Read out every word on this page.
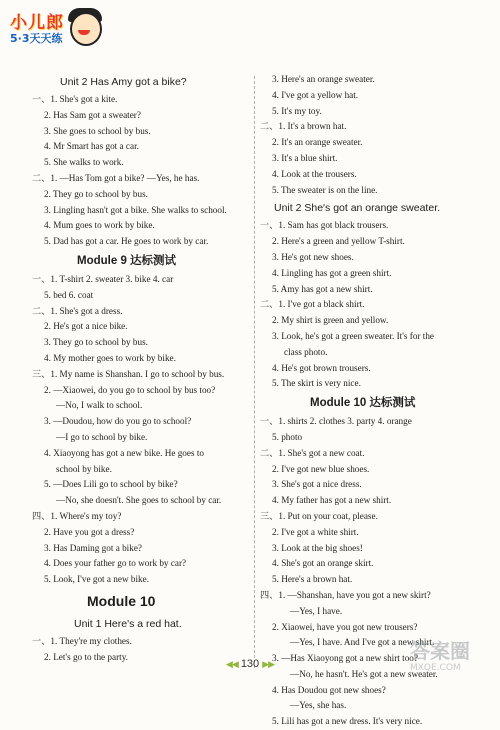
小儿郎
5·3天天练
Unit 2 Has Amy got a bike?
一、1. She's got a kite.
2. Has Sam got a sweater?
3. She goes to school by bus.
4. Mr Smart has got a car.
5. She walks to work.
二、1. —Has Tom got a bike? —Yes, he has.
2. They go to school by bus.
3. Lingling hasn't got a bike. She walks to school.
4. Mum goes to work by bike.
5. Dad has got a car. He goes to work by car.
Module 9 达标测试
一、1. T-shirt 2. sweater 3. bike 4. car
5. bed 6. coat
二、1. She's got a dress.
2. He's got a nice bike.
3. They go to school by bus.
4. My mother goes to work by bike.
三、1. My name is Shanshan. I go to school by bus.
2. —Xiaowei, do you go to school by bus too?
—No, I walk to school.
3. —Doudou, how do you go to school?
—I go to school by bike.
4. Xiaoyong has got a new bike. He goes to
school by bike.
5. —Does Lili go to school by bike?
—No, she doesn't. She goes to school by car.
四、1. Where's my toy?
2. Have you got a dress?
3. Has Daming got a bike?
4. Does your father go to work by car?
5. Look, I've got a new bike.
Module 10
Unit 1 Here's a red hat.
一、1. They're my clothes.
2. Let's go to the party.
3. Here's an orange sweater.
4. I've got a yellow hat.
5. It's my toy.
二、1. It's a brown hat.
2. It's an orange sweater.
3. It's a blue shirt.
4. Look at the trousers.
5. The sweater is on the line.
Unit 2 She's got an orange sweater.
一、1. Sam has got black trousers.
2. Here's a green and yellow T-shirt.
3. He's got new shoes.
4. Lingling has got a green shirt.
5. Amy has got a new shirt.
二、1. I've got a black shirt.
2. My shirt is green and yellow.
3. Look, he's got a green sweater. It's for the
class photo.
4. He's got brown trousers.
5. The skirt is very nice.
Module 10 达标测试
一、1. shirts 2. clothes 3. party 4. orange
5. photo
二、1. She's got a new coat.
2. I've got new blue shoes.
3. She's got a nice dress.
4. My father has got a new shirt.
三、1. Put on your coat, please.
2. I've got a white shirt.
3. Look at the big shoes!
4. She's got an orange skirt.
5. Here's a brown hat.
四、1. —Shanshan, have you got a new skirt?
—Yes, I have.
2. Xiaowei, have you got new trousers?
—Yes, I have. And I've got a new shirt.
3. —Has Xiaoyong got a new shirt too?
—No, he hasn't. He's got a new sweater.
4. Has Doudou got new shoes?
—Yes, she has.
5. Lili has got a new dress. It's very nice.
◀◀ 130 ▶▶
答案圈
MXQE.COM
